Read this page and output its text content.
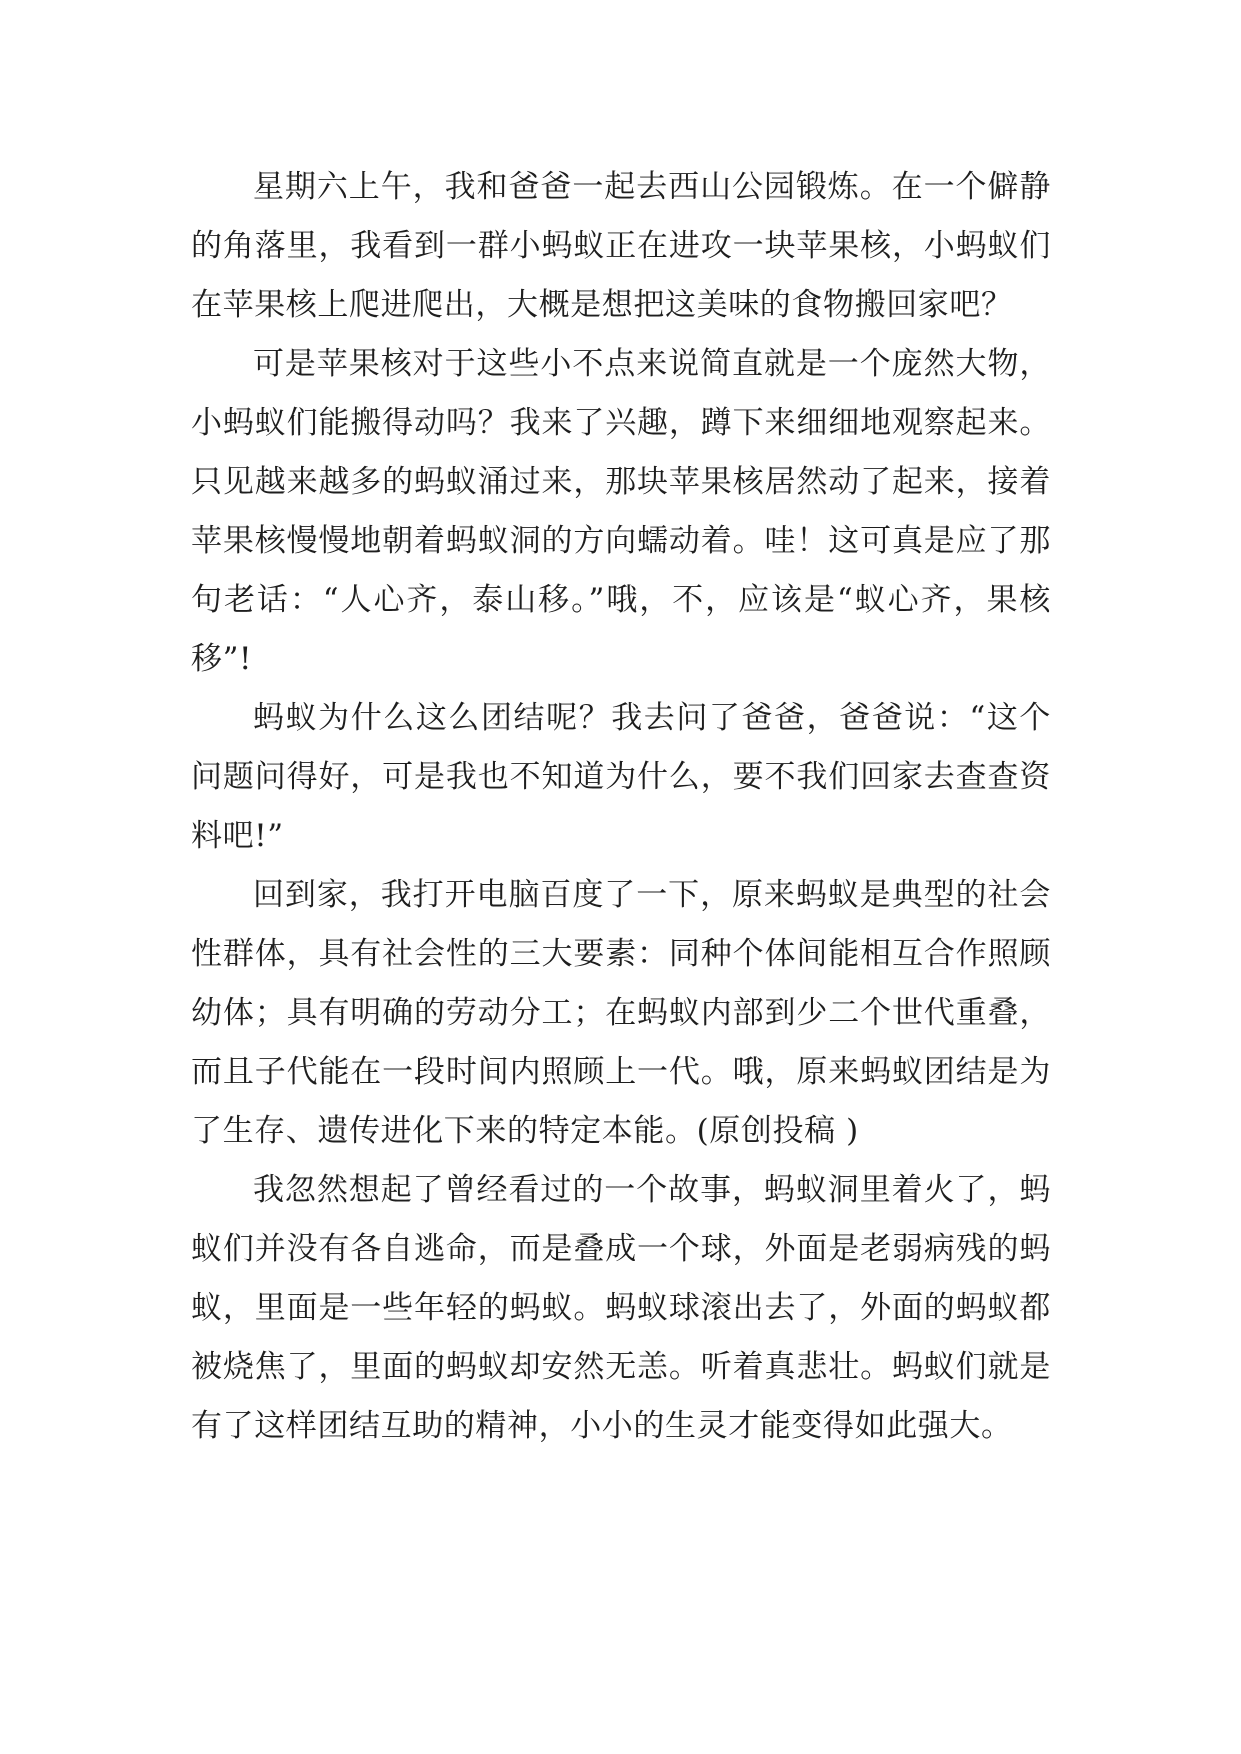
星期六上午，我和爸爸一起去西山公园锻炼。在一个僻静的角落里，我看到一群小蚂蚁正在进攻一块苹果核，小蚂蚁们在苹果核上爬进爬出，大概是想把这美味的食物搬回家吧？

可是苹果核对于这些小不点来说简直就是一个庞然大物，小蚂蚁们能搬得动吗？我来了兴趣，蹲下来细细地观察起来。只见越来越多的蚂蚁涌过来，那块苹果核居然动了起来，接着苹果核慢慢地朝着蚂蚁洞的方向蠕动着。哇！这可真是应了那句老话：“人心齐，泰山移。”哦，不，应该是“蚁心齐，果核移”!

蚂蚁为什么这么团结呢？我去问了爸爸，爸爸说：“这个问题问得好，可是我也不知道为什么，要不我们回家去查查资料吧!”

回到家，我打开电脑百度了一下，原来蚂蚁是典型的社会性群体，具有社会性的三大要素：同种个体间能相互合作照顾幼体；具有明确的劳动分工；在蚂蚁内部到少二个世代重叠，而且子代能在一段时间内照顾上一代。哦，原来蚂蚁团结是为了生存、遗传进化下来的特定本能。(原创投稿 )

我忽然想起了曾经看过的一个故事，蚂蚁洞里着火了，蚂蚁们并没有各自逃命，而是叠成一个球，外面是老弱病残的蚂蚁，里面是一些年轻的蚂蚁。蚂蚁球滚出去了，外面的蚂蚁都被烧焦了，里面的蚂蚁却安然无恙。听着真悲壮。蚂蚁们就是有了这样团结互助的精神，小小的生灵才能变得如此强大。
